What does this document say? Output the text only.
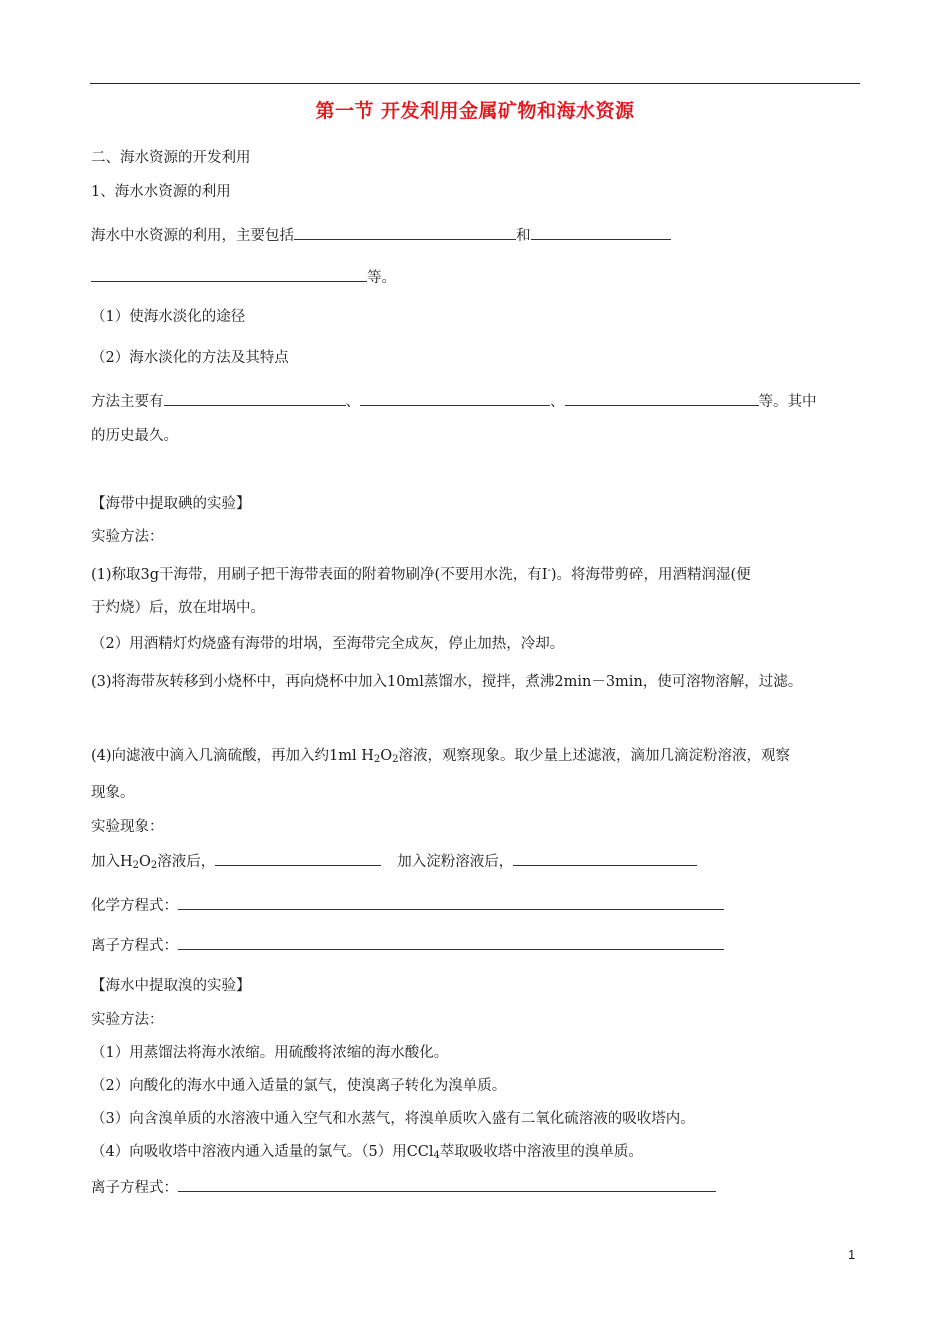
第一节 开发利用金属矿物和海水资源
二、海水资源的开发利用
1、海水水资源的利用
海水中水资源的利用，主要包括	和
等。
（1）使海水淡化的途径
（2）海水淡化的方法及其特点
方法主要有	、	、	等。其中
的历史最久。
【海带中提取碘的实验】
实验方法：
(1)称取3g干海带，用刷子把干海带表面的附着物刷净(不要用水洗，有I-)。将海带剪碎，用酒精润湿(便
于灼烧）后，放在坩埚中。
（2）用酒精灯灼烧盛有海带的坩埚，至海带完全成灰，停止加热，冷却。
(3)将海带灰转移到小烧杯中，再向烧杯中加入10ml蒸馏水，搅拌，煮沸2min－3min，使可溶物溶解，过滤。
(4)向滤液中滴入几滴硫酸，再加入约1ml $H_2O_2$溶液，观察现象。取少量上述滤液，滴加几滴淀粉溶液，观察
现象。
实验现象：
加入$H_2O_2$溶液后，	加入淀粉溶液后，
化学方程式：
离子方程式：
【海水中提取溴的实验】
实验方法：
（1）用蒸馏法将海水浓缩。用硫酸将浓缩的海水酸化。
（2）向酸化的海水中通入适量的氯气，使溴离子转化为溴单质。
（3）向含溴单质的水溶液中通入空气和水蒸气，将溴单质吹入盛有二氧化硫溶液的吸收塔内。
（4）向吸收塔中溶液内通入适量的氯气。（5）用CCl$_4$萃取吸收塔中溶液里的溴单质。
离子方程式：
1
